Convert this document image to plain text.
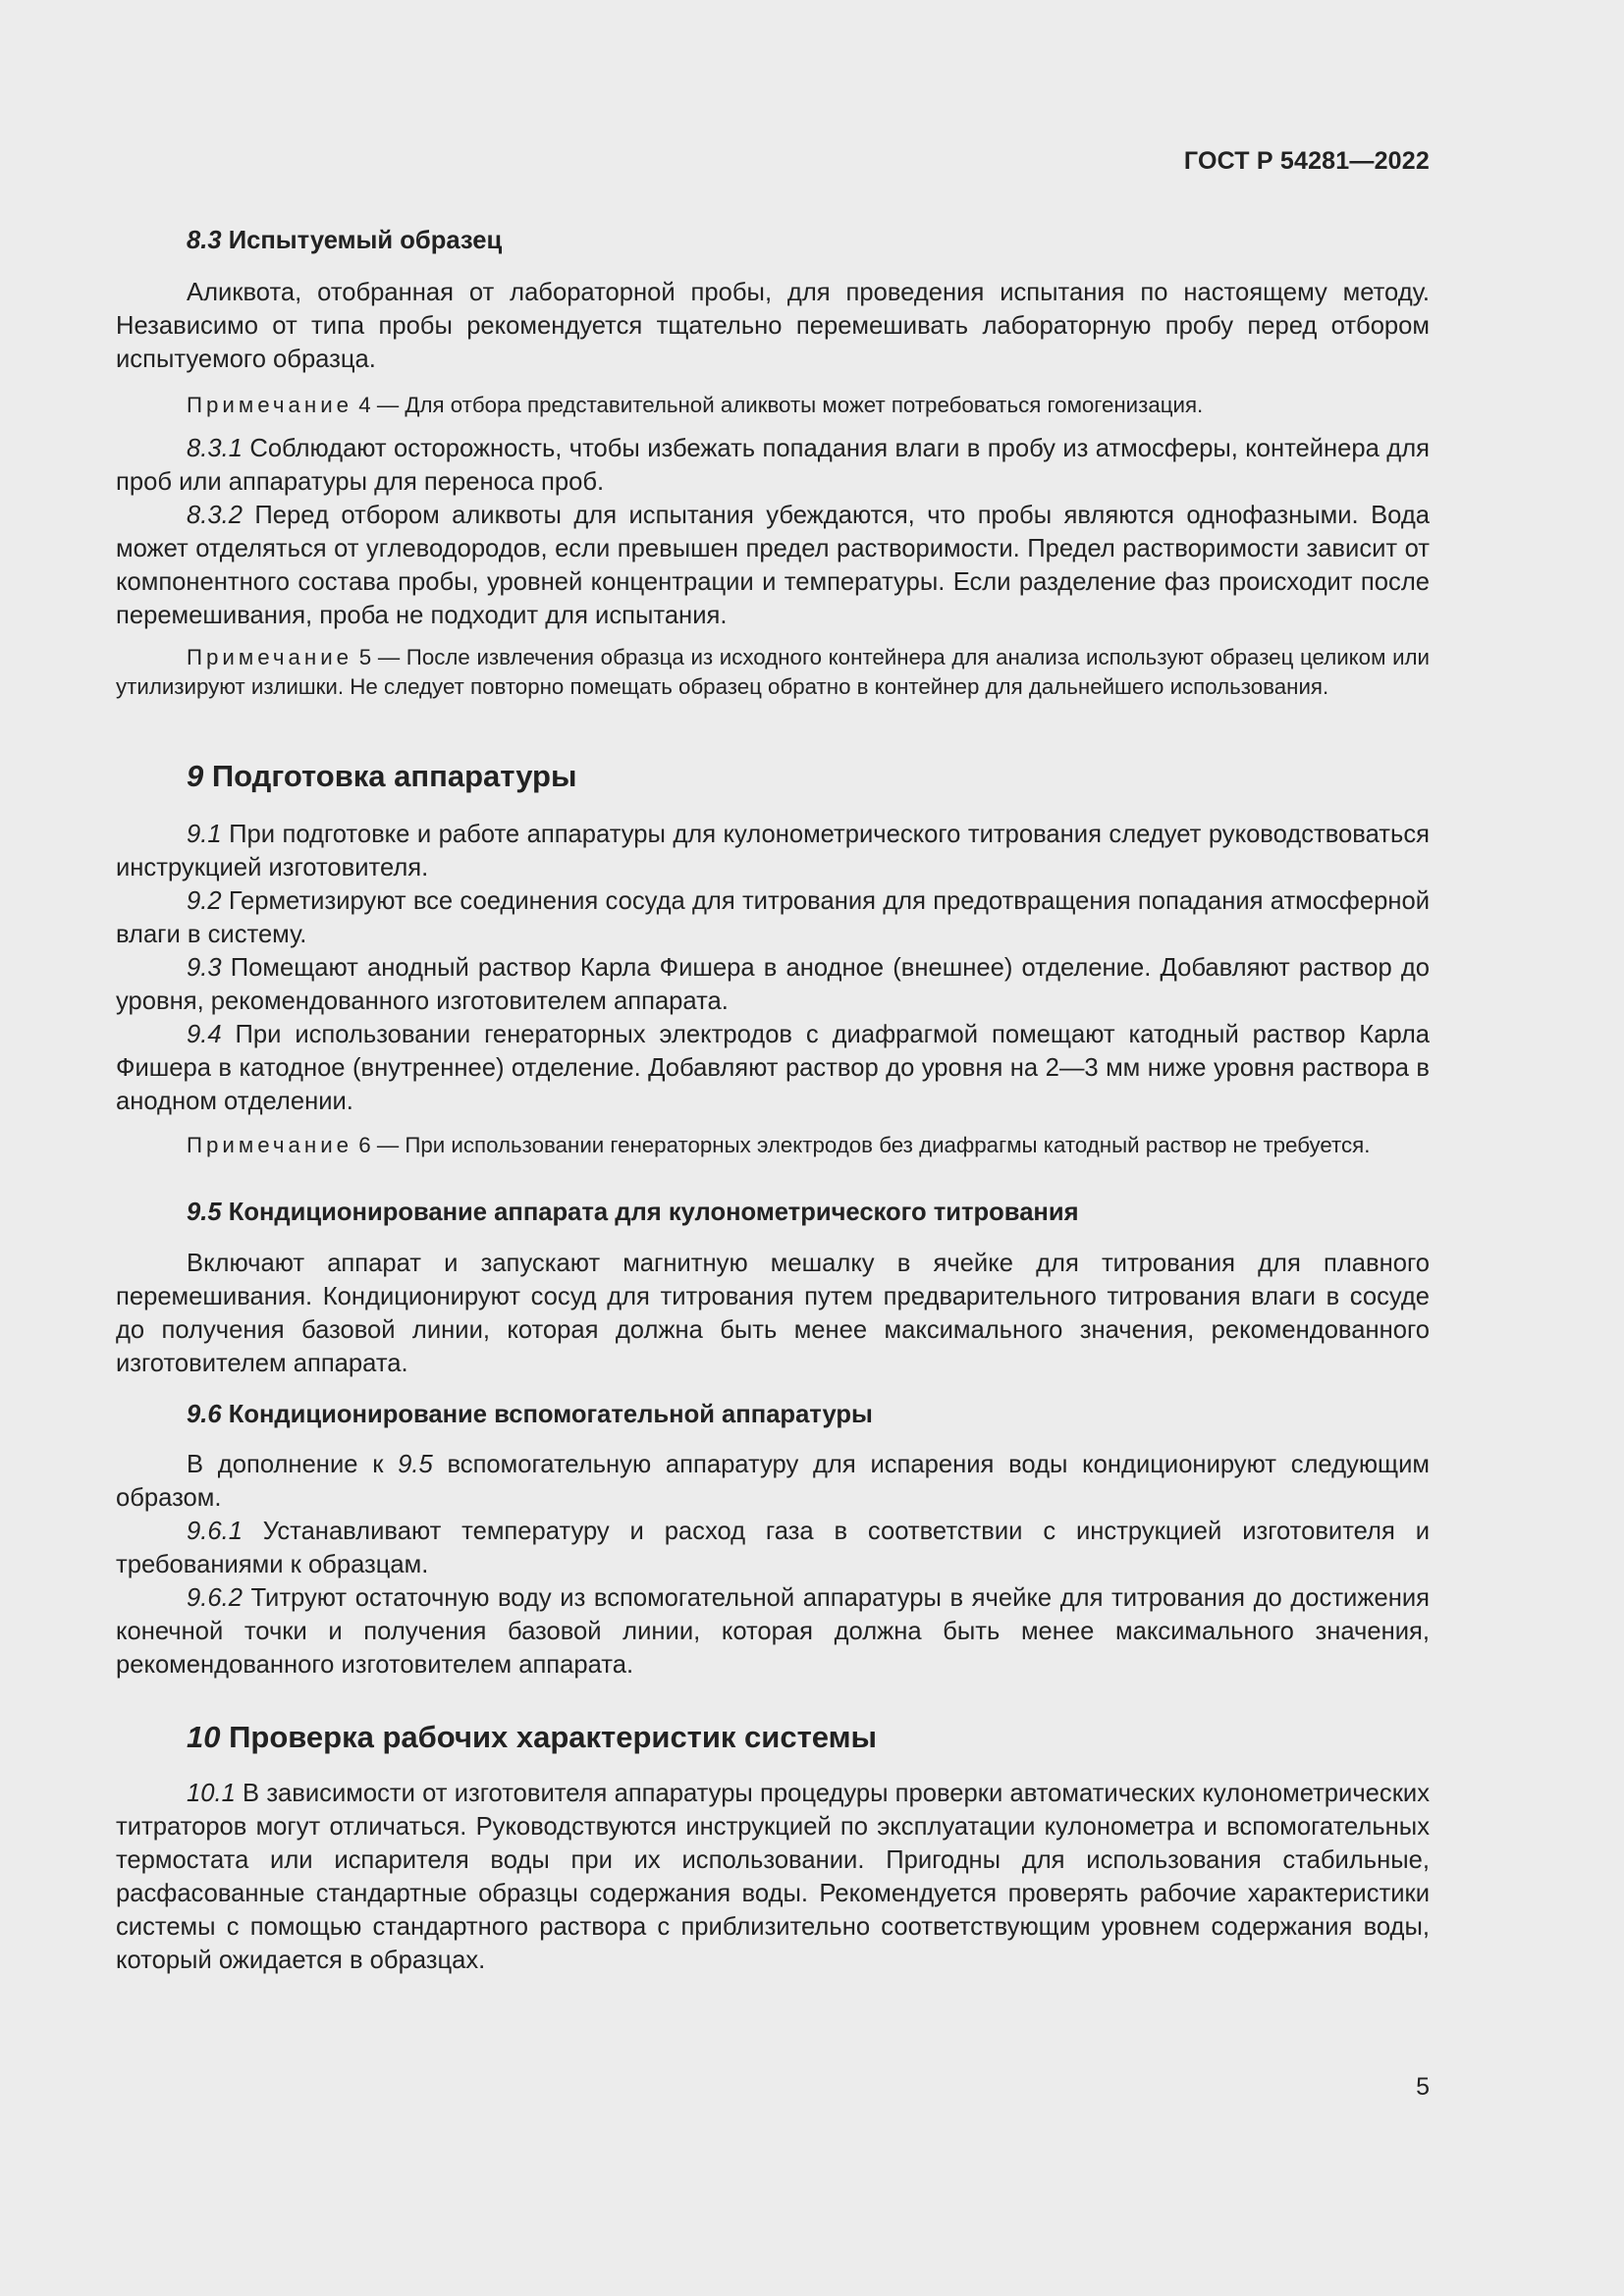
ГОСТ Р 54281—2022
8.3 Испытуемый образец

Аликвота, отобранная от лабораторной пробы, для проведения испытания по настоящему методу. Независимо от типа пробы рекомендуется тщательно перемешивать лабораторную пробу перед отбором испытуемого образца.

Примечание 4 — Для отбора представительной аликвоты может потребоваться гомогенизация.

8.3.1 Соблюдают осторожность, чтобы избежать попадания влаги в пробу из атмосферы, контейнера для проб или аппаратуры для переноса проб.

8.3.2 Перед отбором аликвоты для испытания убеждаются, что пробы являются однофазными. Вода может отделяться от углеводородов, если превышен предел растворимости. Предел растворимости зависит от компонентного состава пробы, уровней концентрации и температуры. Если разделение фаз происходит после перемешивания, проба не подходит для испытания.

Примечание 5 — После извлечения образца из исходного контейнера для анализа используют образец целиком или утилизируют излишки. Не следует повторно помещать образец обратно в контейнер для дальнейшего использования.

9 Подготовка аппаратуры

9.1 При подготовке и работе аппаратуры для кулонометрического титрования следует руководствоваться инструкцией изготовителя.

9.2 Герметизируют все соединения сосуда для титрования для предотвращения попадания атмосферной влаги в систему.

9.3 Помещают анодный раствор Карла Фишера в анодное (внешнее) отделение. Добавляют раствор до уровня, рекомендованного изготовителем аппарата.

9.4 При использовании генераторных электродов с диафрагмой помещают катодный раствор Карла Фишера в катодное (внутреннее) отделение. Добавляют раствор до уровня на 2—3 мм ниже уровня раствора в анодном отделении.

Примечание 6 — При использовании генераторных электродов без диафрагмы катодный раствор не требуется.

9.5 Кондиционирование аппарата для кулонометрического титрования

Включают аппарат и запускают магнитную мешалку в ячейке для титрования для плавного перемешивания. Кондиционируют сосуд для титрования путем предварительного титрования влаги в сосуде до получения базовой линии, которая должна быть менее максимального значения, рекомендованного изготовителем аппарата.

9.6 Кондиционирование вспомогательной аппаратуры

В дополнение к 9.5 вспомогательную аппаратуру для испарения воды кондиционируют следующим образом.

9.6.1 Устанавливают температуру и расход газа в соответствии с инструкцией изготовителя и требованиями к образцам.

9.6.2 Титруют остаточную воду из вспомогательной аппаратуры в ячейке для титрования до достижения конечной точки и получения базовой линии, которая должна быть менее максимального значения, рекомендованного изготовителем аппарата.

10 Проверка рабочих характеристик системы

10.1 В зависимости от изготовителя аппаратуры процедуры проверки автоматических кулонометрических титраторов могут отличаться. Руководствуются инструкцией по эксплуатации кулонометра и вспомогательных термостата или испарителя воды при их использовании. Пригодны для использования стабильные, расфасованные стандартные образцы содержания воды. Рекомендуется проверять рабочие характеристики системы с помощью стандартного раствора с приблизительно соответствующим уровнем содержания воды, который ожидается в образцах.

5
